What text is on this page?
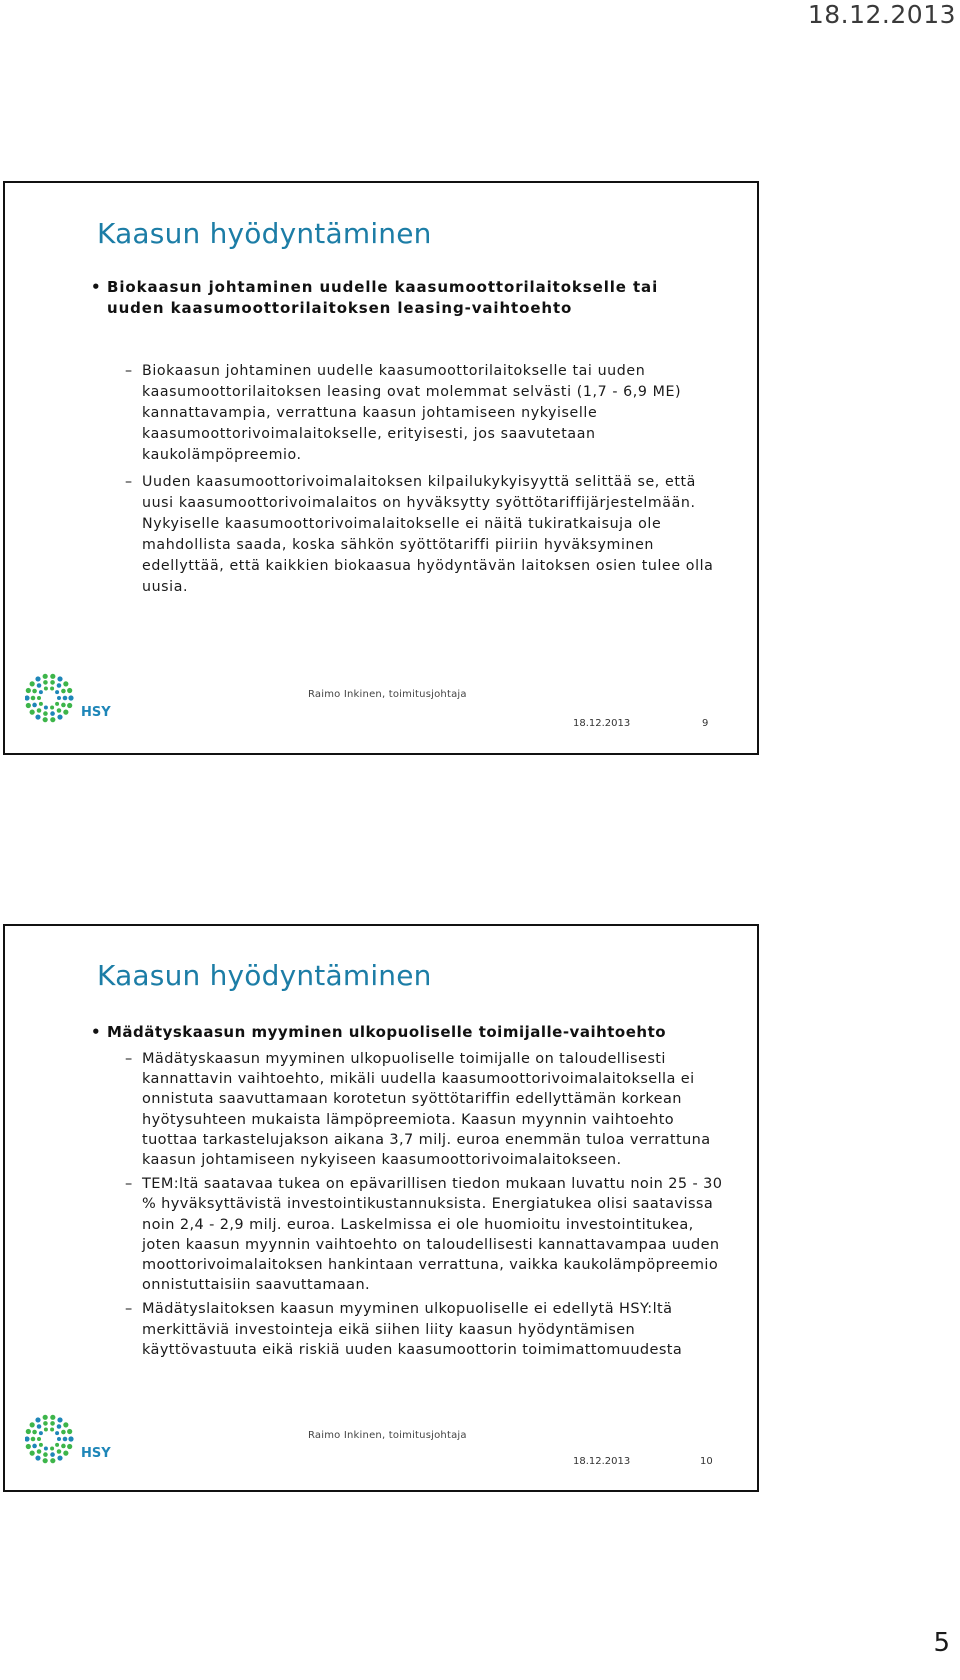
18.12.2013
Kaasun hyödyntäminen
• Biokaasun johtaminen uudelle kaasumoottorilaitokselle tai uuden kaasumoottorilaitoksen leasing-vaihtoehto
– Biokaasun johtaminen uudelle kaasumoottorilaitokselle tai uuden kaasumoottorilaitoksen leasing ovat molemmat selvästi (1,7 - 6,9 ME) kannattavampia, verrattuna kaasun johtamiseen nykyiselle kaasumoottorivoimalaitokselle, erityisesti, jos saavutetaan kaukolämpöpreemio.
– Uuden kaasumoottorivoimalaitoksen kilpailukykyisyyttä selittää se, että uusi kaasumoottorivoimalaitos on hyväksytty syöttötariffijärjestelmään. Nykyiselle kaasumoottorivoimalaitokselle ei näitä tukiratkaisuja ole mahdollista saada, koska sähkön syöttötariffi piiriin hyväksyminen edellyttää, että kaikkien biokaasua hyödyntävän laitoksen osien tulee olla uusia.
HSY
Raimo Inkinen, toimitusjohtaja
18.12.2013	9
Kaasun hyödyntäminen
• Mädätyskaasun myyminen ulkopuoliselle toimijalle-vaihtoehto
– Mädätyskaasun myyminen ulkopuoliselle toimijalle on taloudellisesti kannattavin vaihtoehto, mikäli uudella kaasumoottorivoimalaitoksella ei onnistuta saavuttamaan korotetun syöttötariffin edellyttämän korkean hyötysuhteen mukaista lämpöpreemiota. Kaasun myynnin vaihtoehto tuottaa tarkastelujakson aikana 3,7 milj. euroa enemmän tuloa verrattuna kaasun johtamiseen nykyiseen kaasumoottorivoimalaitokseen.
– TEM:ltä saatavaa tukea on epävarillisen tiedon mukaan luvattu noin 25 - 30 % hyväksyttävistä investointikustannuksista. Energiatukea olisi saatavissa noin 2,4 - 2,9 milj. euroa. Laskelmissa ei ole huomioitu investointitukea, joten kaasun myynnin vaihtoehto on taloudellisesti kannattavampaa uuden moottorivoimalaitoksen hankintaan verrattuna, vaikka kaukolämpöpreemio onnistuttaisiin saavuttamaan.
– Mädätyslaitoksen kaasun myyminen ulkopuoliselle ei edellytä HSY:ltä merkittäviä investointeja eikä siihen liity kaasun hyödyntämisen käyttövastuuta eikä riskiä uuden kaasumoottorin toimimattomuudesta
HSY
Raimo Inkinen, toimitusjohtaja
18.12.2013	10
5
